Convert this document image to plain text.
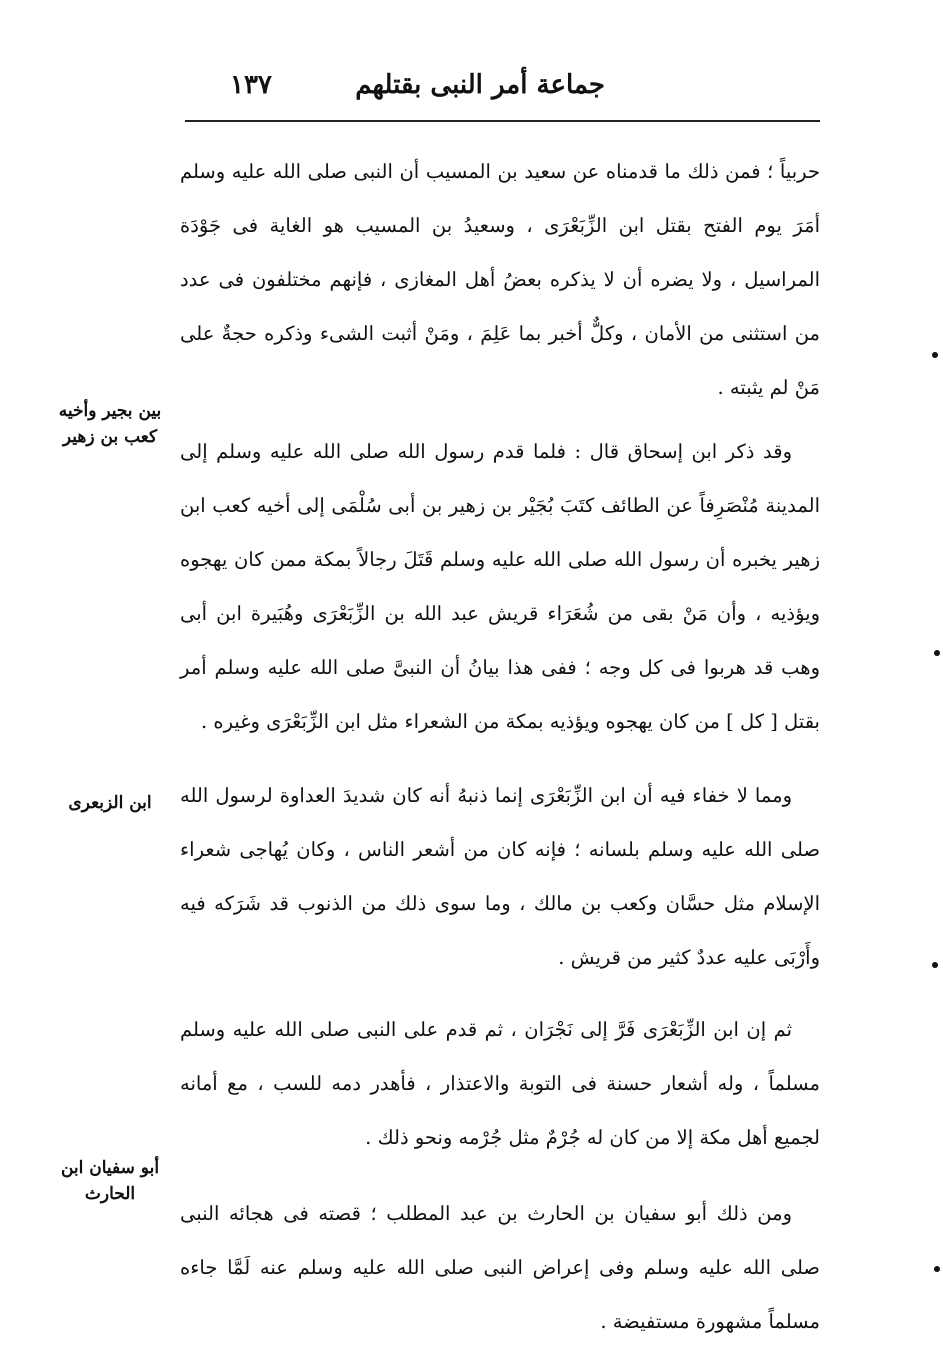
جماعة أمر النبى بقتلهم
١٣٧

حربياً ؛ فمن ذلك ما قدمناه عن سعيد بن المسيب أن النبى صلى الله عليه وسلم أمَرَ يوم الفتح بقتل ابن الزِّبَعْرَى ، وسعيدُ بن المسيب هو الغاية فى جَوْدَة المراسيل ، ولا يضره أن لا يذكره بعضُ أهل المغازى ، فإنهم مختلفون فى عدد من استثنى من الأمان ، وكلٌّ أخبر بما عَلِمَ ، ومَنْ أثبت الشىء وذكره حجةٌ على مَنْ لم يثبته .

وقد ذكر ابن إسحاق قال : فلما قدم رسول الله صلى الله عليه وسلم إلى المدينة مُنْصَرِفاً عن الطائف كتَبَ بُجَيْر بن زهير بن أبى سُلْمَى إلى أخيه كعب ابن زهير يخبره أن رسول الله صلى الله عليه وسلم قَتَلَ رجالاً بمكة ممن كان يهجوه ويؤذيه ، وأن مَنْ بقى من شُعَرَاء قريش عبد الله بن الزِّبَعْرَى وهُبَيرة ابن أبى وهب قد هربوا فى كل وجه ؛ ففى هذا بيانُ أن النبىَّ صلى الله عليه وسلم أمر بقتل [ كل ] من كان يهجوه ويؤذيه بمكة من الشعراء مثل ابن الزِّبَعْرَى وغيره .

ومما لا خفاء فيه أن ابن الزِّبَعْرَى إنما ذنبهُ أنه كان شديدَ العداوة لرسول الله صلى الله عليه وسلم بلسانه ؛ فإنه كان من أشعر الناس ، وكان يُهاجى شعراء الإسلام مثل حسَّان وكعب بن مالك ، وما سوى ذلك من الذنوب قد شَرَكه فيه وأَرْبَى عليه عددٌ كثير من قريش .

ثم إن ابن الزِّبَعْرَى فَرَّ إلى نَجْرَان ، ثم قدم على النبى صلى الله عليه وسلم مسلماً ، وله أشعار حسنة فى التوبة والاعتذار ، فأهدر دمه للسب ، مع أمانه لجميع أهل مكة إلا من كان له جُرْمٌ مثل جُرْمه ونحو ذلك .

ومن ذلك أبو سفيان بن الحارث بن عبد المطلب ؛ قصته فى هجائه النبى صلى الله عليه وسلم وفى إعراض النبى صلى الله عليه وسلم عنه لَمَّا جاءه مسلماً مشهورة مستفيضة .

بين بجير وأخيه كعب بن زهير
ابن الزبعرى
أبو سفيان ابن الحارث
